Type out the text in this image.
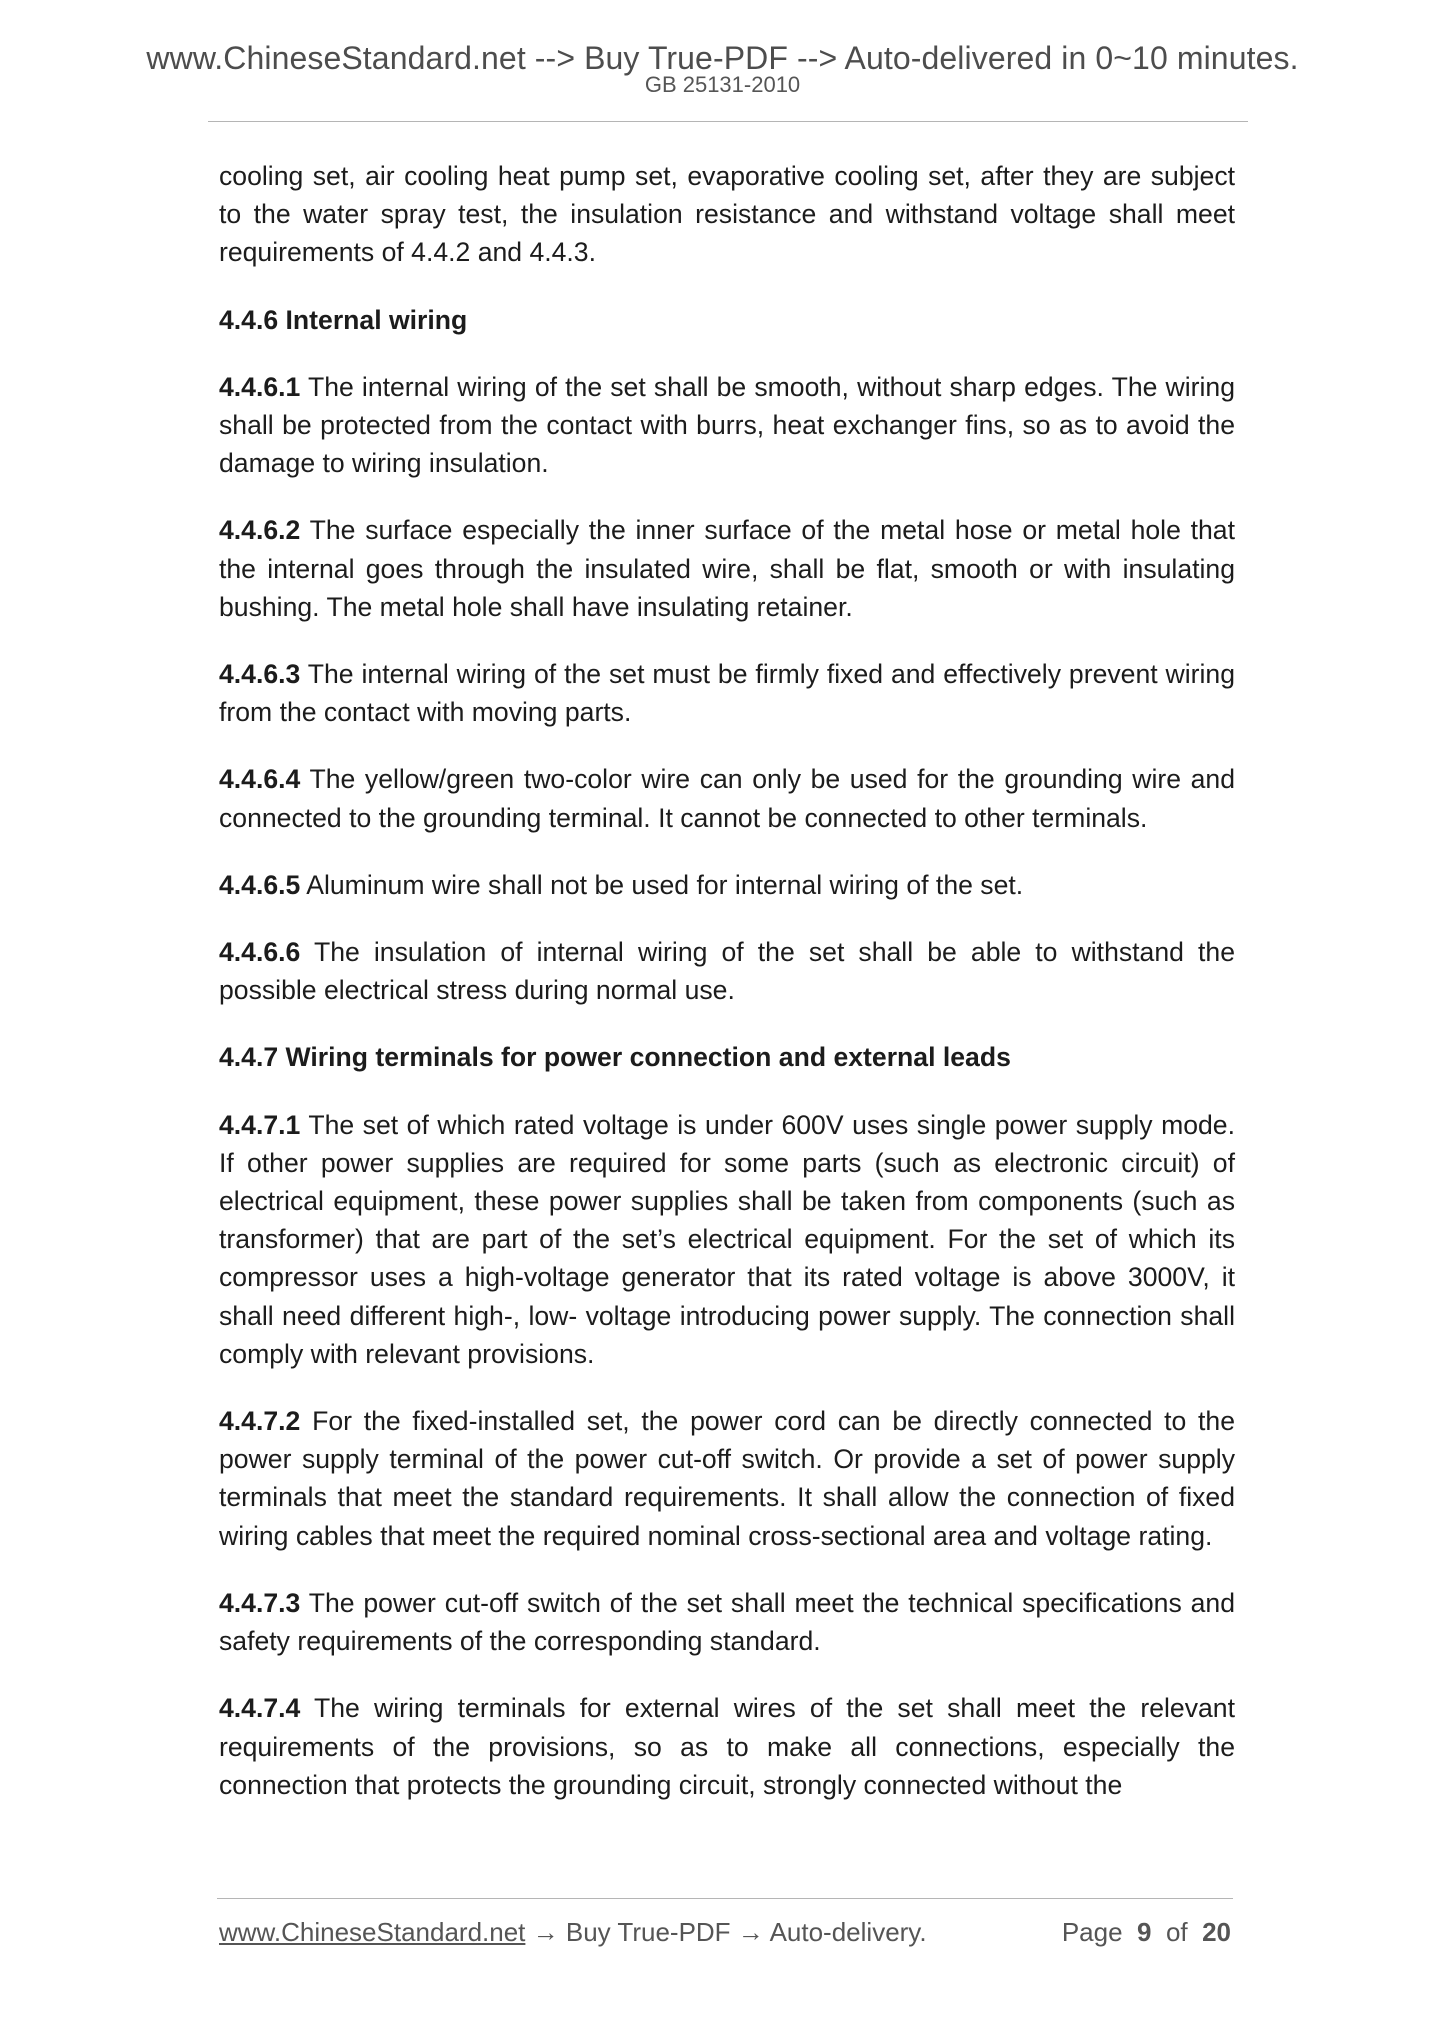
www.ChineseStandard.net --> Buy True-PDF --> Auto-delivered in 0~10 minutes.
GB 25131-2010

cooling set, air cooling heat pump set, evaporative cooling set, after they are subject to the water spray test, the insulation resistance and withstand voltage shall meet requirements of 4.4.2 and 4.4.3.

4.4.6 Internal wiring

4.4.6.1 The internal wiring of the set shall be smooth, without sharp edges. The wiring shall be protected from the contact with burrs, heat exchanger fins, so as to avoid the damage to wiring insulation.

4.4.6.2 The surface especially the inner surface of the metal hose or metal hole that the internal goes through the insulated wire, shall be flat, smooth or with insulating bushing. The metal hole shall have insulating retainer.

4.4.6.3 The internal wiring of the set must be firmly fixed and effectively prevent wiring from the contact with moving parts.

4.4.6.4 The yellow/green two-color wire can only be used for the grounding wire and connected to the grounding terminal. It cannot be connected to other terminals.

4.4.6.5 Aluminum wire shall not be used for internal wiring of the set.

4.4.6.6 The insulation of internal wiring of the set shall be able to withstand the possible electrical stress during normal use.

4.4.7 Wiring terminals for power connection and external leads

4.4.7.1 The set of which rated voltage is under 600V uses single power supply mode. If other power supplies are required for some parts (such as electronic circuit) of electrical equipment, these power supplies shall be taken from components (such as transformer) that are part of the set’s electrical equipment. For the set of which its compressor uses a high-voltage generator that its rated voltage is above 3000V, it shall need different high-, low- voltage introducing power supply. The connection shall comply with relevant provisions.

4.4.7.2 For the fixed-installed set, the power cord can be directly connected to the power supply terminal of the power cut-off switch. Or provide a set of power supply terminals that meet the standard requirements. It shall allow the connection of fixed wiring cables that meet the required nominal cross-sectional area and voltage rating.

4.4.7.3 The power cut-off switch of the set shall meet the technical specifications and safety requirements of the corresponding standard.

4.4.7.4 The wiring terminals for external wires of the set shall meet the relevant requirements of the provisions, so as to make all connections, especially the connection that protects the grounding circuit, strongly connected without the

www.ChineseStandard.net → Buy True-PDF → Auto-delivery.	Page 9 of 20
